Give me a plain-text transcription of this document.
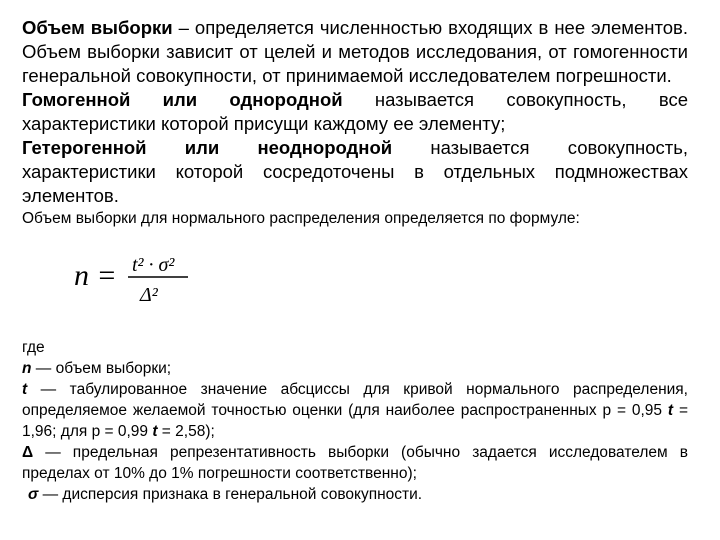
Объем выборки – определяется численностью входящих в нее элементов. Объем выборки зависит от целей и методов исследования, от гомогенности генеральной совокупности, от принимаемой исследователем погрешности.

Гомогенной или однородной называется совокупность, все характеристики которой присущи каждому ее элементу;

Гетерогенной или неоднородной называется совокупность, характеристики которой сосредоточены в отдельных подмножествах элементов.

Объем выборки для нормального распределения определяется по формуле:

n = t² · σ²
Δ²

где

n — объем выборки;

t — табулированное значение абсциссы для кривой нормального распределения, определяемое желаемой точностью оценки (для наиболее распространенных р = 0,95 t = 1,96; для р = 0,99 t = 2,58);

Δ — предельная репрезентативность выборки (обычно задается исследователем в пределах от 10% до 1% погрешности соответственно);

σ — дисперсия признака в генеральной совокупности.
